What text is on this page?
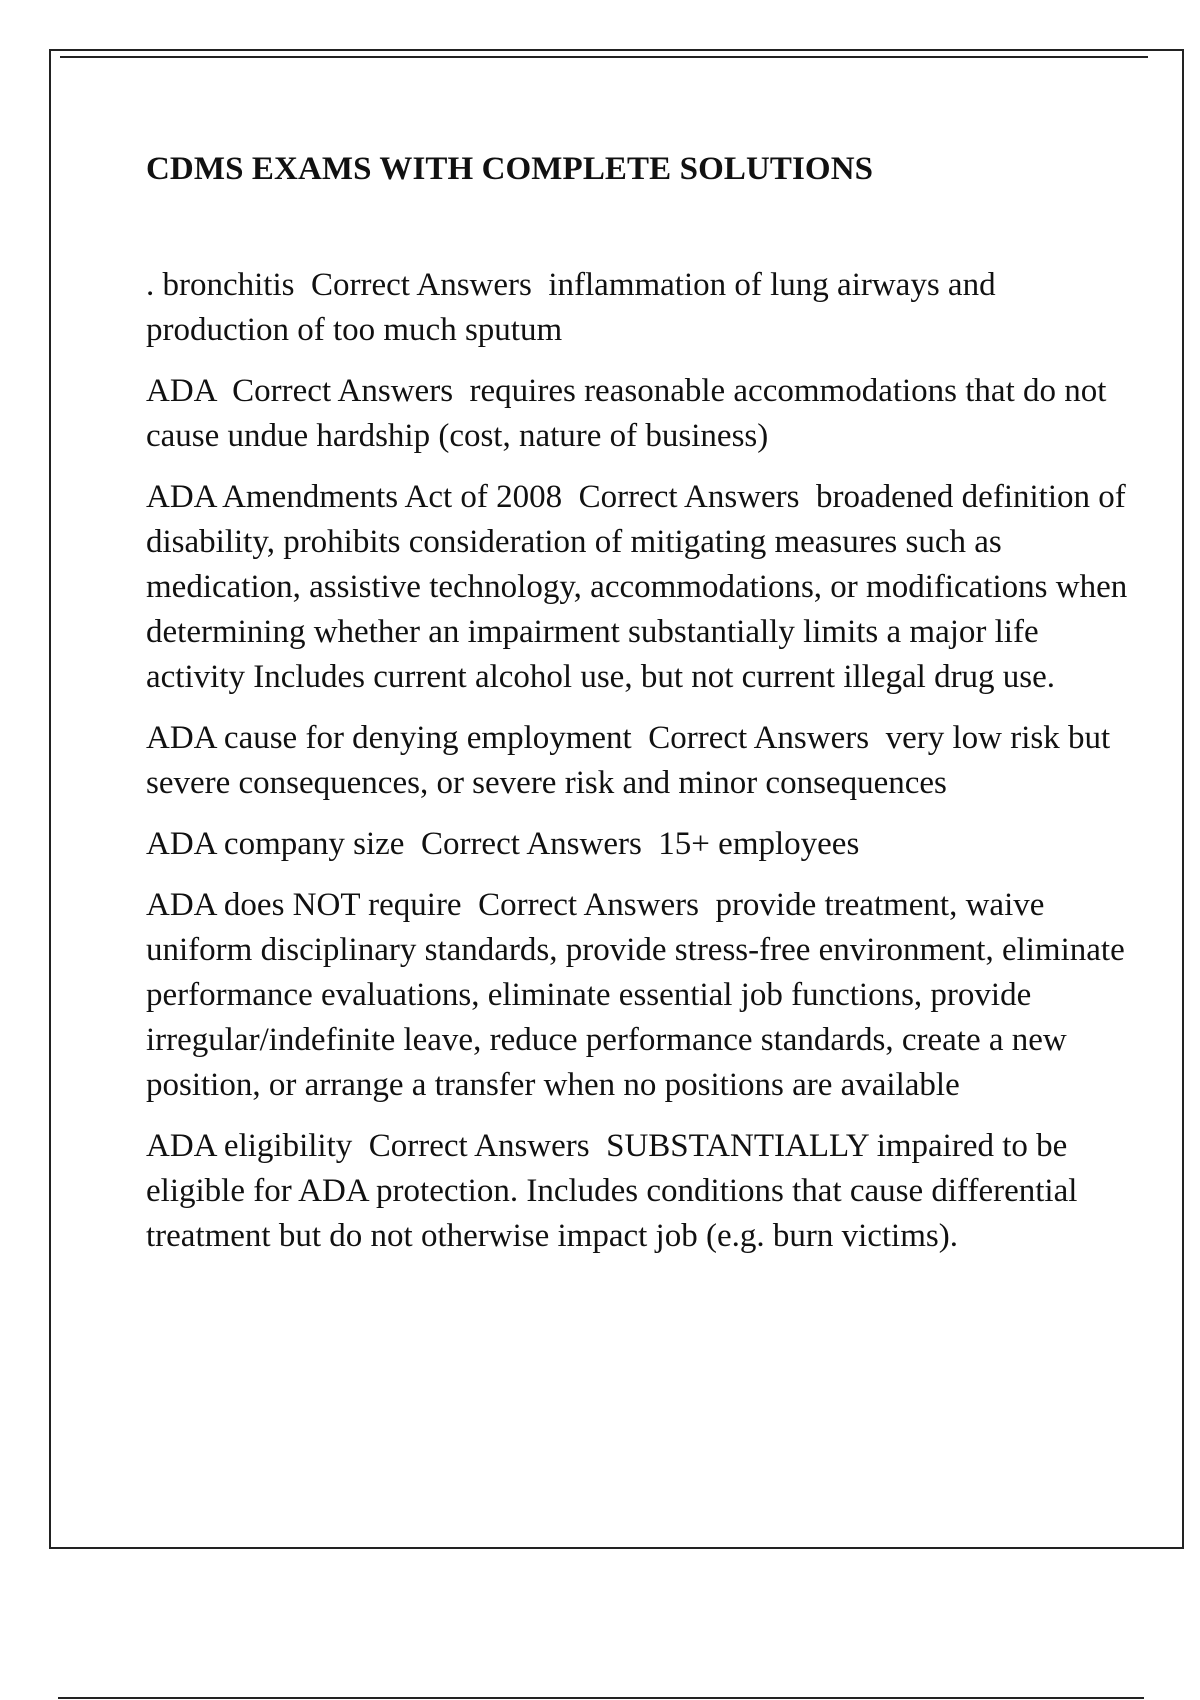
CDMS EXAMS WITH COMPLETE SOLUTIONS

. bronchitis  Correct Answers  inflammation of lung airways and production of too much sputum

ADA  Correct Answers  requires reasonable accommodations that do not cause undue hardship (cost, nature of business)

ADA Amendments Act of 2008  Correct Answers  broadened definition of disability, prohibits consideration of mitigating measures such as medication, assistive technology, accommodations, or modifications when determining whether an impairment substantially limits a major life activity Includes current alcohol use, but not current illegal drug use.

ADA cause for denying employment  Correct Answers  very low risk but severe consequences, or severe risk and minor consequences

ADA company size  Correct Answers  15+ employees

ADA does NOT require  Correct Answers  provide treatment, waive uniform disciplinary standards, provide stress-free environment, eliminate performance evaluations, eliminate essential job functions, provide irregular/indefinite leave, reduce performance standards, create a new position, or arrange a transfer when no positions are available

ADA eligibility  Correct Answers  SUBSTANTIALLY impaired to be eligible for ADA protection. Includes conditions that cause differential treatment but do not otherwise impact job (e.g. burn victims).
